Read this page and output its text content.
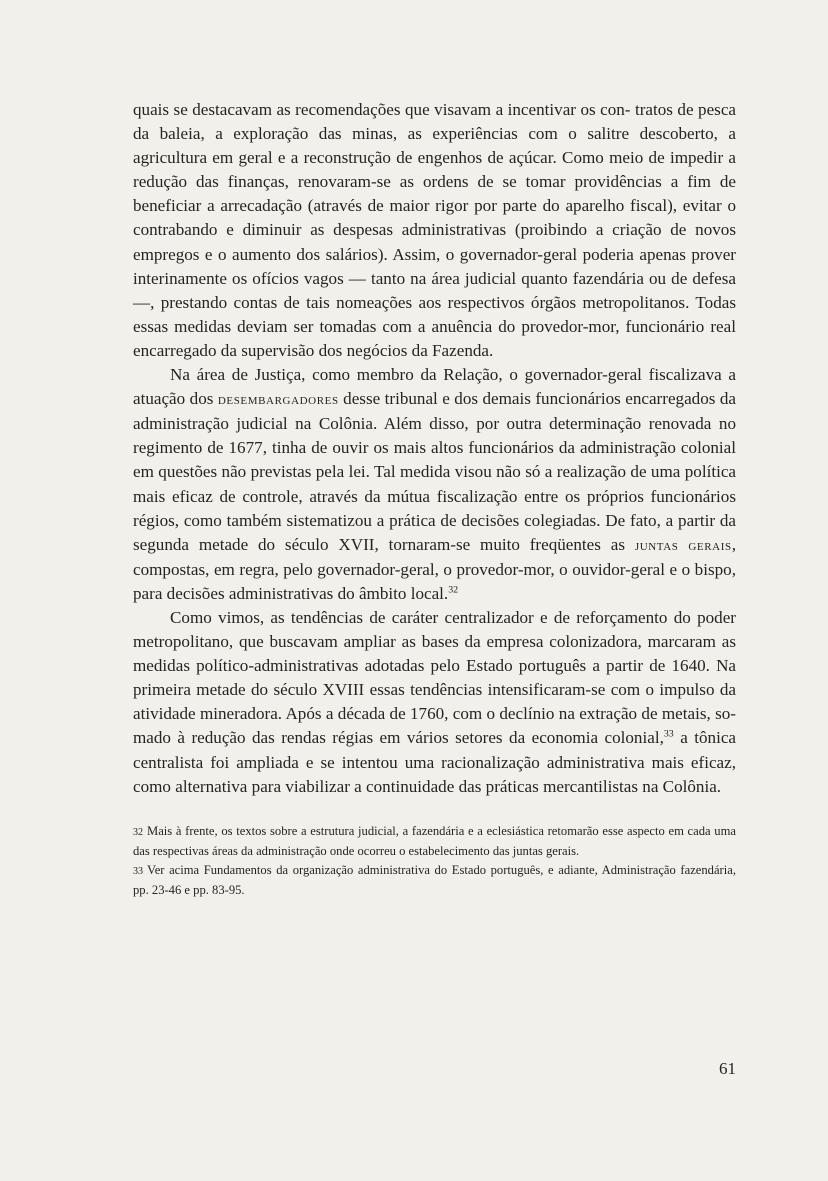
quais se destacavam as recomendações que visavam a incentivar os con- tratos de pesca da baleia, a exploração das minas, as experiências com o salitre descoberto, a agricultura em geral e a reconstrução de engenhos de açúcar. Como meio de impedir a redução das finanças, renovaram-se as ordens de se tomar providências a fim de beneficiar a arrecadação (através de maior rigor por parte do aparelho fiscal), evitar o contrabando e diminuir as despesas administrativas (proibindo a criação de novos empregos e o aumento dos salários). Assim, o governador-geral poderia apenas prover interinamente os ofícios vagos — tanto na área judicial quanto fazendária ou de defesa —, prestando contas de tais nomeações aos respectivos órgãos metropolitanos. Todas essas medidas deviam ser tomadas com a anuência do provedor-mor, funcionário real encarregado da supervisão dos negócios da Fazenda.

Na área de Justiça, como membro da Relação, o governador-geral fiscalizava a atuação dos desembargadores desse tribunal e dos demais funcionários encarregados da administração judicial na Colônia. Além disso, por outra determinação renovada no regimento de 1677, tinha de ouvir os mais altos funcionários da administração colonial em questões não previstas pela lei. Tal medida visou não só a realização de uma política mais eficaz de controle, através da mútua fiscalização entre os próprios funcionários régios, como também sistematizou a prática de decisões colegiadas. De fato, a partir da segunda metade do século XVII, tornaram-se muito freqüentes as juntas gerais, compostas, em regra, pelo governador-geral, o provedor-mor, o ouvidor-geral e o bispo, para decisões administrativas do âmbito local.$^{32}$

Como vimos, as tendências de caráter centralizador e de reforçamento do poder metropolitano, que buscavam ampliar as bases da empresa colonizadora, marcaram as medidas político-administrativas adotadas pelo Estado português a partir de 1640. Na primeira metade do século XVIII essas tendências intensificaram-se com o impulso da atividade mineradora. Após a década de 1760, com o declínio na extração de metais, somado à redução das rendas régias em vários setores da economia colonial,$^{33}$ a tônica centralista foi ampliada e se intentou uma racionalização administrativa mais eficaz, como alternativa para viabilizar a continuidade das práticas mercantilistas na Colônia.

32 Mais à frente, os textos sobre a estrutura judicial, a fazendária e a eclesiástica retomarão esse aspecto em cada uma das respectivas áreas da administração onde ocorreu o estabelecimento das juntas gerais.

33 Ver acima Fundamentos da organização administrativa do Estado português, e adiante, Administração fazendária, pp. 23-46 e pp. 83-95.

61
